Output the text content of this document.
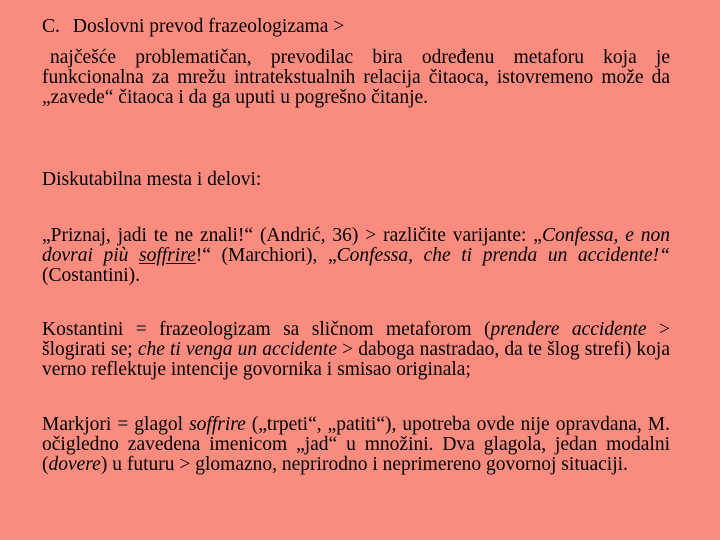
C. Doslovni prevod frazeologizama >
najčešće problematičan, prevodilac bira određenu metaforu koja je funkcionalna za mrežu intratekstualnih relacija čitaoca, istovremeno može da „zavede“ čitaoca i da ga uputi u pogrešno čitanje.
Diskutabilna mesta i delovi:
„Priznaj, jadi te ne znali!“ (Andrić, 36) > različite varijante: „Confessa, e non dovrai più soffrire!“ (Marchiori), „Confessa, che ti prenda un accidente!“ (Costantini).
Kostantini = frazeologizam sa sličnom metaforom (prendere accidente > šlogirati se; che ti venga un accidente > daboga nastradao, da te šlog strefi) koja verno reflektuje intencije govornika i smisao originala;
Markjori = glagol soffrire („trpeti“, „patiti“), upotreba ovde nije opravdana, M. očigledno zavedena imenicom „jad“ u množini. Dva glagola, jedan modalni (dovere) u futuru > glomazno, neprirodno i neprimereno govornoj situaciji.
